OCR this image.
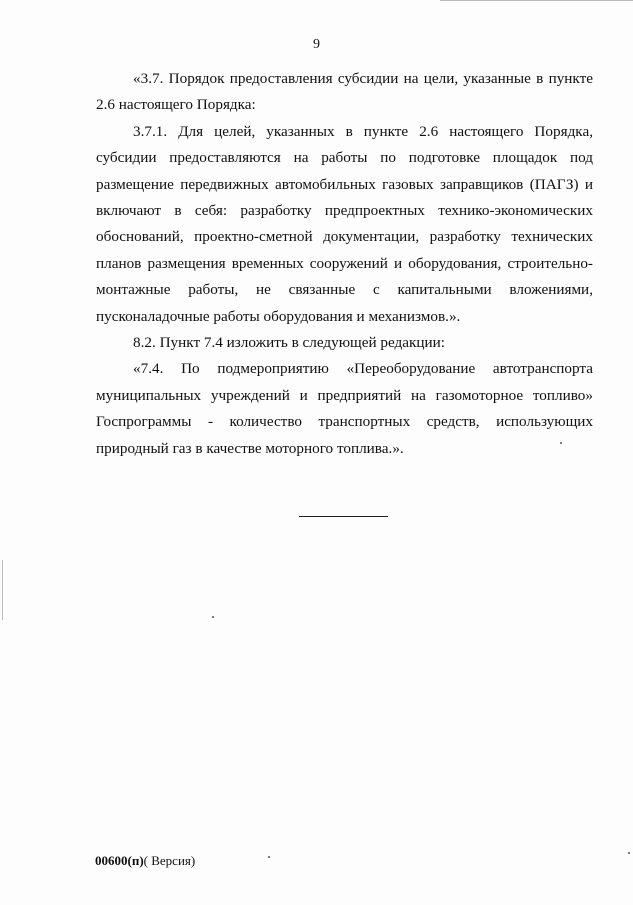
9

«3.7. Порядок предоставления субсидии на цели, указанные в пункте 2.6 настоящего Порядка:

3.7.1. Для целей, указанных в пункте 2.6 настоящего Порядка, субсидии предоставляются на работы по подготовке площадок под размещение передвижных автомобильных газовых заправщиков (ПАГЗ) и включают в себя: разработку предпроектных технико-экономических обоснований, проектно-сметной документации, разработку технических планов размещения временных сооружений и оборудования, строительно-монтажные работы, не связанные с капитальными вложениями, пусконаладочные работы оборудования и механизмов.».

8.2. Пункт 7.4 изложить в следующей редакции:

«7.4. По подмероприятию «Переоборудование автотранспорта муниципальных учреждений и предприятий на газомоторное топливо» Госпрограммы - количество транспортных средств, использующих природный газ в качестве моторного топлива.».

00600(п)( Версия)
